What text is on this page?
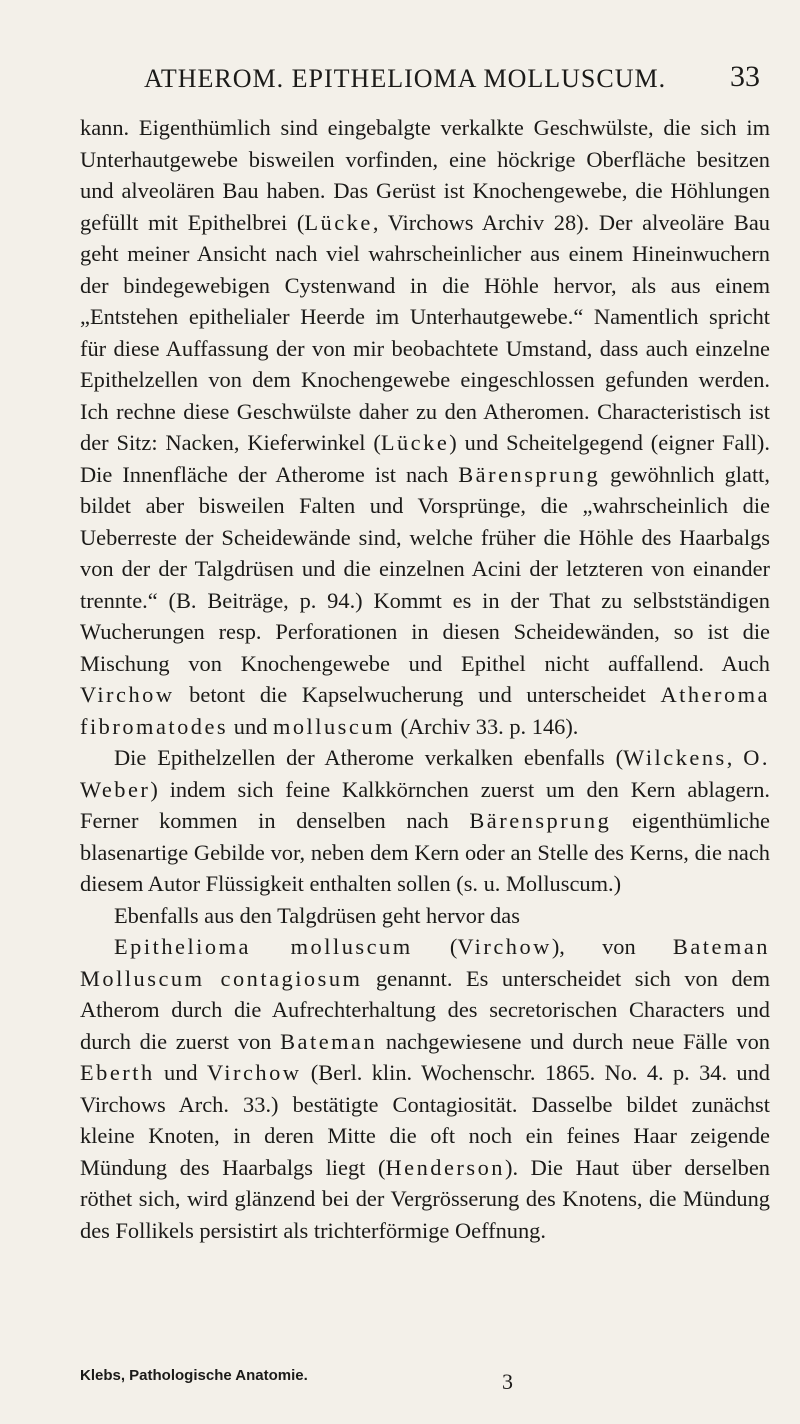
ATHEROM. EPITHELIOMA MOLLUSCUM. 33

kann. Eigenthümlich sind eingebalgte verkalkte Geschwülste, die sich im Unterhautgewebe bisweilen vorfinden, eine höckrige Oberfläche besitzen und alveolären Bau haben. Das Gerüst ist Knochengewebe, die Höhlungen gefüllt mit Epithelbrei (Lücke, Virchows Archiv 28). Der alveoläre Bau geht meiner Ansicht nach viel wahrscheinlicher aus einem Hineinwuchern der bindegewebigen Cystenwand in die Höhle hervor, als aus einem „Entstehen epithelialer Heerde im Unterhautgewebe.“ Namentlich spricht für diese Auffassung der von mir beobachtete Umstand, dass auch einzelne Epithelzellen von dem Knochengewebe eingeschlossen gefunden werden. Ich rechne diese Geschwülste daher zu den Atheromen. Characteristisch ist der Sitz: Nacken, Kieferwinkel (Lücke) und Scheitelgegend (eigner Fall). Die Innenfläche der Atherome ist nach Bärensprung gewöhnlich glatt, bildet aber bisweilen Falten und Vorsprünge, die „wahrscheinlich die Ueberreste der Scheidewände sind, welche früher die Höhle des Haarbalgs von der der Talgdrüsen und die einzelnen Acini der letzteren von einander trennte.“ (B. Beiträge, p. 94.) Kommt es in der That zu selbstständigen Wucherungen resp. Perforationen in diesen Scheidewänden, so ist die Mischung von Knochengewebe und Epithel nicht auffallend. Auch Virchow betont die Kapselwucherung und unterscheidet Atheroma fibromatodes und molluscum (Archiv 33. p. 146).

Die Epithelzellen der Atherome verkalken ebenfalls (Wilckens, O. Weber) indem sich feine Kalkkörnchen zuerst um den Kern ablagern. Ferner kommen in denselben nach Bärensprung eigenthümliche blasenartige Gebilde vor, neben dem Kern oder an Stelle des Kerns, die nach diesem Autor Flüssigkeit enthalten sollen (s. u. Molluscum.)

Ebenfalls aus den Talgdrüsen geht hervor das

Epithelioma molluscum (Virchow), von Bateman Molluscum contagiosum genannt. Es unterscheidet sich von dem Atherom durch die Aufrechterhaltung des secretorischen Characters und durch die zuerst von Bateman nachgewiesene und durch neue Fälle von Eberth und Virchow (Berl. klin. Wochenschr. 1865. No. 4. p. 34. und Virchows Arch. 33.) bestätigte Contagiosität. Dasselbe bildet zunächst kleine Knoten, in deren Mitte die oft noch ein feines Haar zeigende Mündung des Haarbalgs liegt (Henderson). Die Haut über derselben röthet sich, wird glänzend bei der Vergrösserung des Knotens, die Mündung des Follikels persistirt als trichterförmige Oeffnung.

Klebs, Pathologische Anatomie.	3
